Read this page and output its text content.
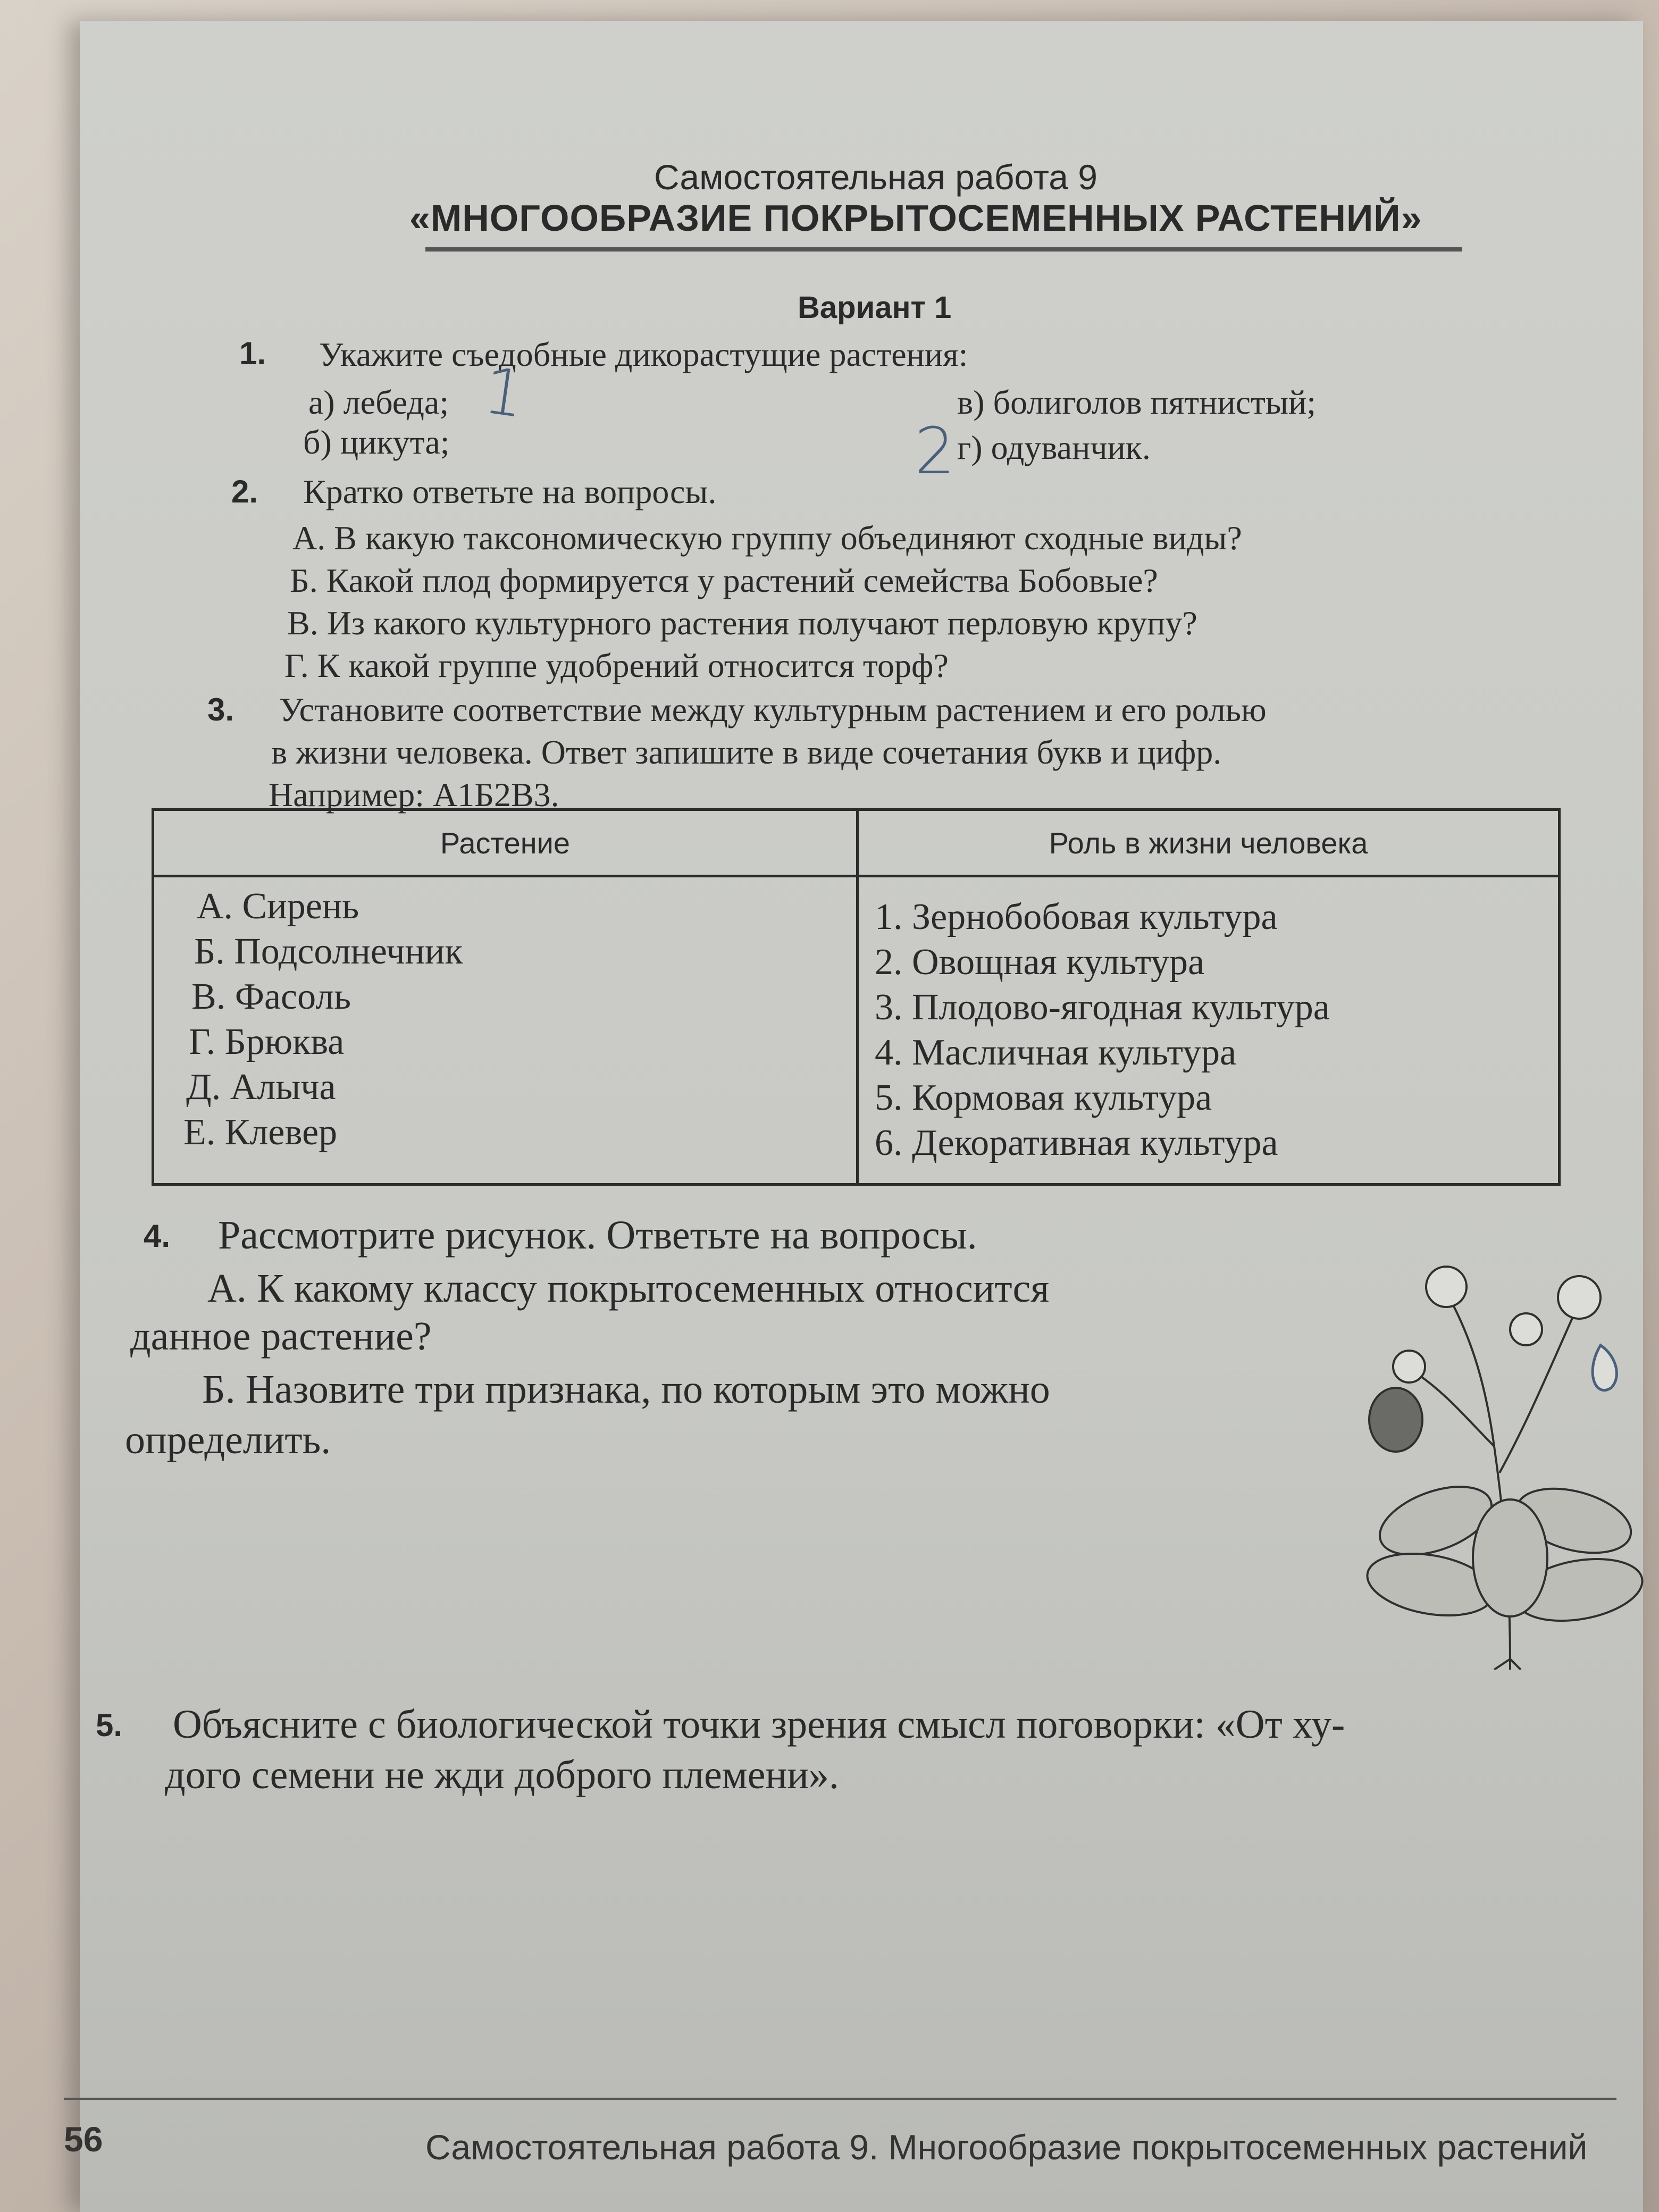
Самостоятельная работа 9
«МНОГООБРАЗИЕ ПОКРЫТОСЕМЕННЫХ РАСТЕНИЙ»
Вариант 1
1. Укажите съедобные дикорастущие растения:
а) лебеда;
б) цикута;
в) болиголов пятнистый;
г) одуванчик.
1
2
2. Кратко ответьте на вопросы.
А. В какую таксономическую группу объединяют сходные виды?
Б. Какой плод формируется у растений семейства Бобовые?
В. Из какого культурного растения получают перловую крупу?
Г. К какой группе удобрений относится торф?
3. Установите соответствие между культурным растением и его ролью
в жизни человека. Ответ запишите в виде сочетания букв и цифр.
Например: А1Б2В3.
Растение	Роль в жизни человека
А. Сирень
Б. Подсолнечник
В. Фасоль
Г. Брюква
Д. Алыча
Е. Клевер
1. Зернобобовая культура
2. Овощная культура
3. Плодово-ягодная культура
4. Масличная культура
5. Кормовая культура
6. Декоративная культура
4. Рассмотрите рисунок. Ответьте на вопросы.
А. К какому классу покрытосеменных относится
данное растение?
Б. Назовите три признака, по которым это можно
определить.
5. Объясните с биологической точки зрения смысл поговорки: «От ху-
дого семени не жди доброго племени».
56	Самостоятельная работа 9. Многообразие покрытосеменных растений
